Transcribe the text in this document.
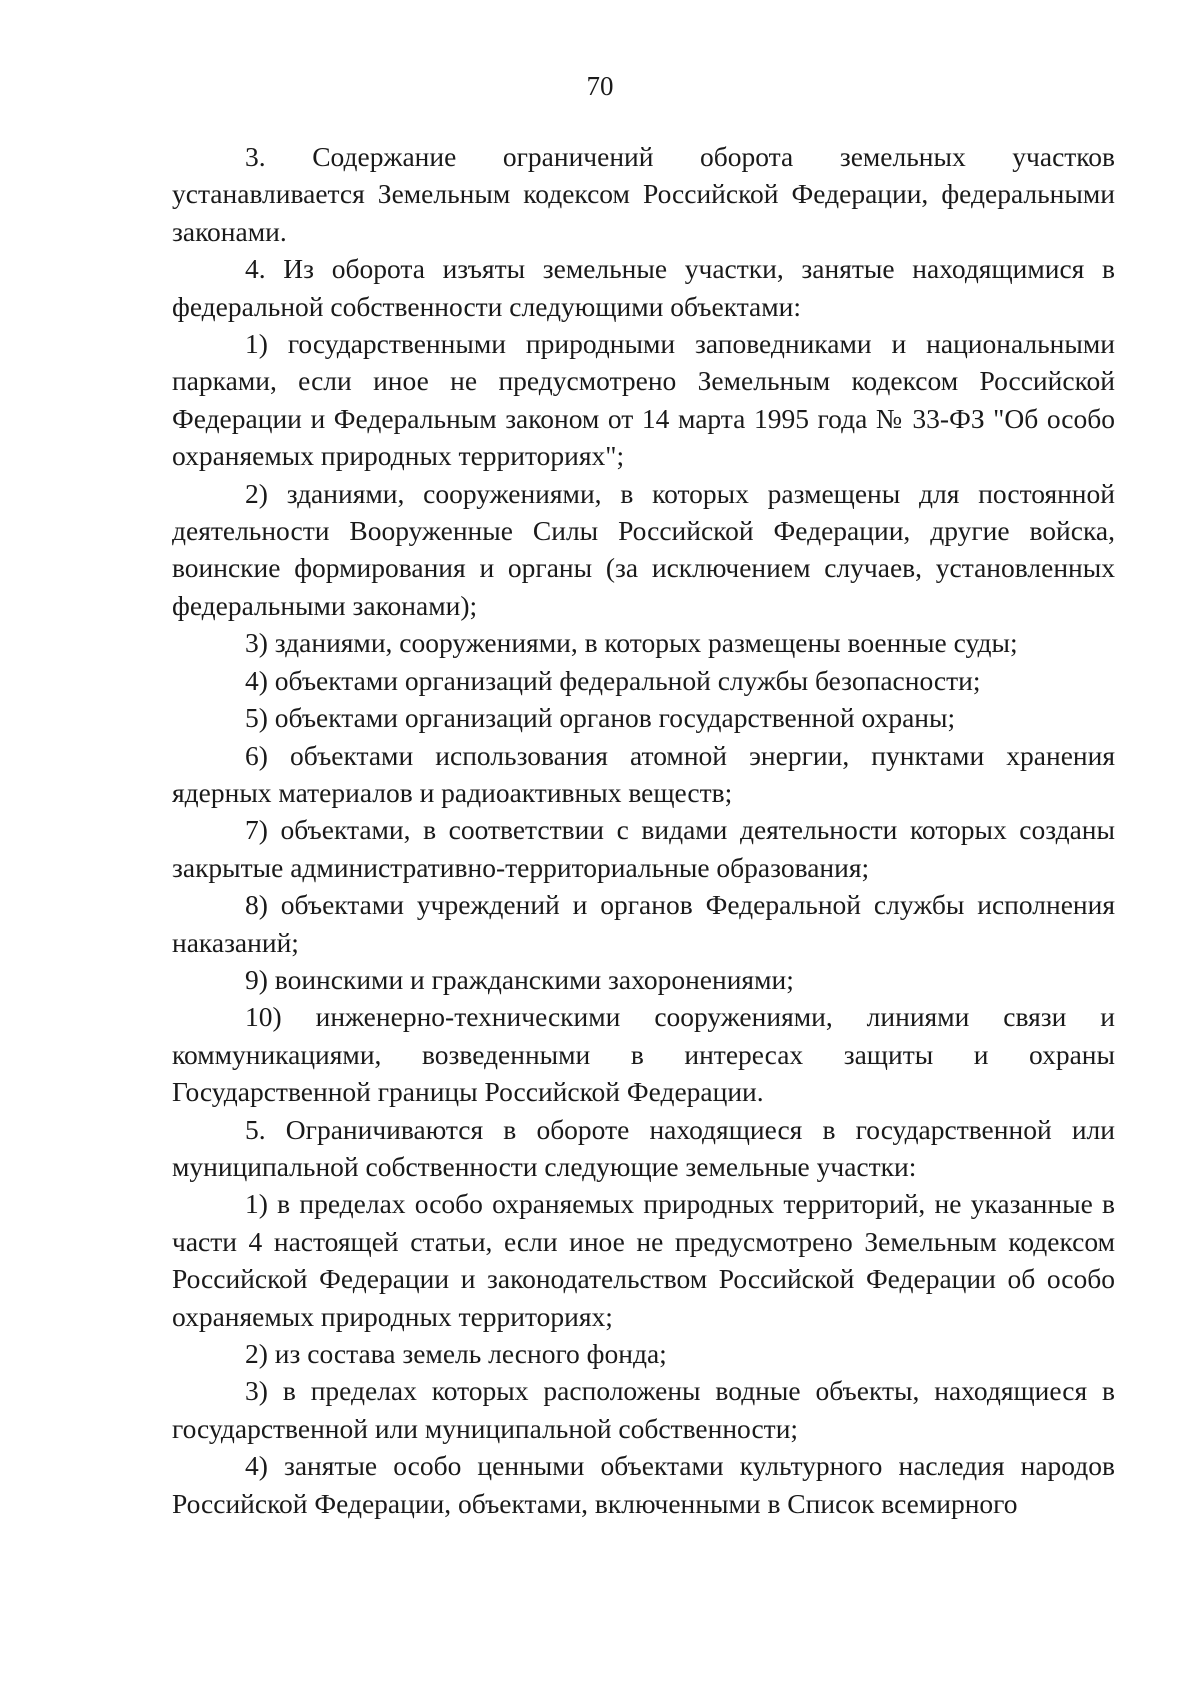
70

3. Содержание ограничений оборота земельных участков устанавливается Земельным кодексом Российской Федерации, федеральными законами.

4. Из оборота изъяты земельные участки, занятые находящимися в федеральной собственности следующими объектами:

1) государственными природными заповедниками и национальными парками, если иное не предусмотрено Земельным кодексом Российской Федерации и Федеральным законом от 14 марта 1995 года № 33-ФЗ "Об особо охраняемых природных территориях";

2) зданиями, сооружениями, в которых размещены для постоянной деятельности Вооруженные Силы Российской Федерации, другие войска, воинские формирования и органы (за исключением случаев, установленных федеральными законами);

3) зданиями, сооружениями, в которых размещены военные суды;

4) объектами организаций федеральной службы безопасности;

5) объектами организаций органов государственной охраны;

6) объектами использования атомной энергии, пунктами хранения ядерных материалов и радиоактивных веществ;

7) объектами, в соответствии с видами деятельности которых созданы закрытые административно-территориальные образования;

8) объектами учреждений и органов Федеральной службы исполнения наказаний;

9) воинскими и гражданскими захоронениями;

10) инженерно-техническими сооружениями, линиями связи и коммуникациями, возведенными в интересах защиты и охраны Государственной границы Российской Федерации.

5. Ограничиваются в обороте находящиеся в государственной или муниципальной собственности следующие земельные участки:

1) в пределах особо охраняемых природных территорий, не указанные в части 4 настоящей статьи, если иное не предусмотрено Земельным кодексом Российской Федерации и законодательством Российской Федерации об особо охраняемых природных территориях;

2) из состава земель лесного фонда;

3) в пределах которых расположены водные объекты, находящиеся в государственной или муниципальной собственности;

4) занятые особо ценными объектами культурного наследия народов Российской Федерации, объектами, включенными в Список всемирного
